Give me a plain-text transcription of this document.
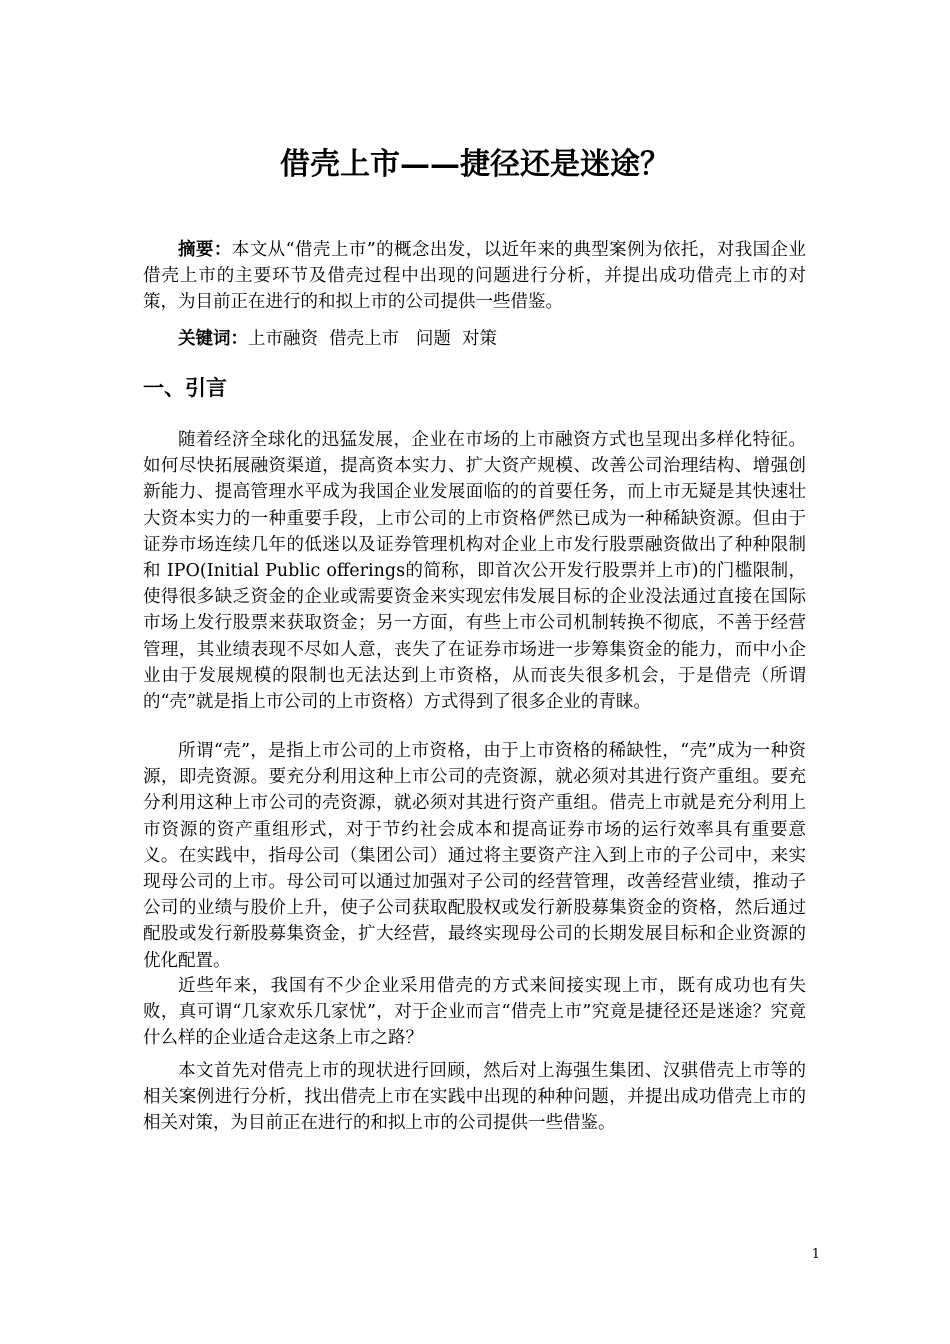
借壳上市——捷径还是迷途？
摘要：本文从“借壳上市”的概念出发，以近年来的典型案例为依托，对我国企业借壳上市的主要环节及借壳过程中出现的问题进行分析，并提出成功借壳上市的对策，为目前正在进行的和拟上市的公司提供一些借鉴。
关键词：上市融资  借壳上市   问题  对策
一、引言
随着经济全球化的迅猛发展，企业在市场的上市融资方式也呈现出多样化特征。如何尽快拓展融资渠道，提高资本实力、扩大资产规模、改善公司治理结构、增强创新能力、提高管理水平成为我国企业发展面临的的首要任务，而上市无疑是其快速壮大资本实力的一种重要手段，上市公司的上市资格俨然已成为一种稀缺资源。但由于证券市场连续几年的低迷以及证券管理机构对企业上市发行股票融资做出了种种限制和 IPO(Initial Public offerings的简称，即首次公开发行股票并上市)的门槛限制，使得很多缺乏资金的企业或需要资金来实现宏伟发展目标的企业没法通过直接在国际市场上发行股票来获取资金；另一方面，有些上市公司机制转换不彻底，不善于经营管理，其业绩表现不尽如人意，丧失了在证券市场进一步筹集资金的能力，而中小企业由于发展规模的限制也无法达到上市资格，从而丧失很多机会，于是借壳（所谓的“壳”就是指上市公司的上市资格）方式得到了很多企业的青睐。
所谓“壳”，是指上市公司的上市资格，由于上市资格的稀缺性，“壳”成为一种资源，即壳资源。要充分利用这种上市公司的壳资源，就必须对其进行资产重组。要充分利用这种上市公司的壳资源，就必须对其进行资产重组。借壳上市就是充分利用上市资源的资产重组形式，对于节约社会成本和提高证券市场的运行效率具有重要意义。在实践中，指母公司（集团公司）通过将主要资产注入到上市的子公司中，来实现母公司的上市。母公司可以通过加强对子公司的经营管理，改善经营业绩，推动子公司的业绩与股价上升，使子公司获取配股权或发行新股募集资金的资格，然后通过配股或发行新股募集资金，扩大经营，最终实现母公司的长期发展目标和企业资源的优化配置。
近些年来，我国有不少企业采用借壳的方式来间接实现上市，既有成功也有失败，真可谓“几家欢乐几家忧”，对于企业而言“借壳上市”究竟是捷径还是迷途？究竟什么样的企业适合走这条上市之路？
本文首先对借壳上市的现状进行回顾，然后对上海强生集团、汉骐借壳上市等的相关案例进行分析，找出借壳上市在实践中出现的种种问题，并提出成功借壳上市的相关对策，为目前正在进行的和拟上市的公司提供一些借鉴。
1
